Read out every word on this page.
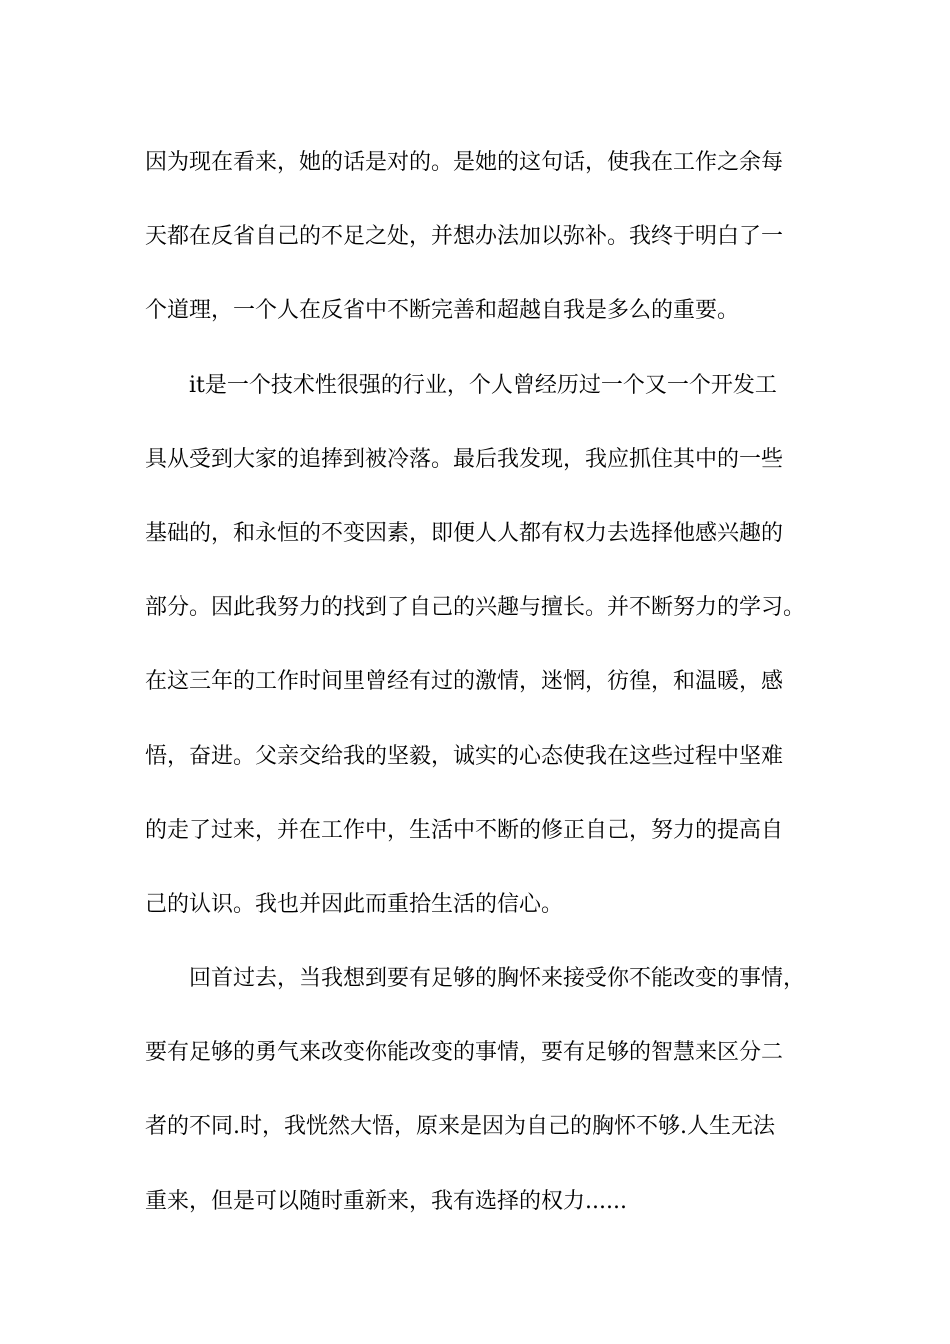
因为现在看来，她的话是对的。是她的这句话，使我在工作之余每
天都在反省自己的不足之处，并想办法加以弥补。我终于明白了一
个道理，一个人在反省中不断完善和超越自我是多么的重要。
it是一个技术性很强的行业，个人曾经历过一个又一个开发工
具从受到大家的追捧到被冷落。最后我发现，我应抓住其中的一些
基础的，和永恒的不变因素，即便人人都有权力去选择他感兴趣的
部分。因此我努力的找到了自己的兴趣与擅长。并不断努力的学习。
在这三年的工作时间里曾经有过的激情，迷惘，彷徨，和温暖，感
悟，奋进。父亲交给我的坚毅，诚实的心态使我在这些过程中坚难
的走了过来，并在工作中，生活中不断的修正自己，努力的提高自
己的认识。我也并因此而重拾生活的信心。
回首过去，当我想到要有足够的胸怀来接受你不能改变的事情，
要有足够的勇气来改变你能改变的事情，要有足够的智慧来区分二
者的不同.时，我恍然大悟，原来是因为自己的胸怀不够.人生无法
重来，但是可以随时重新来，我有选择的权力......
